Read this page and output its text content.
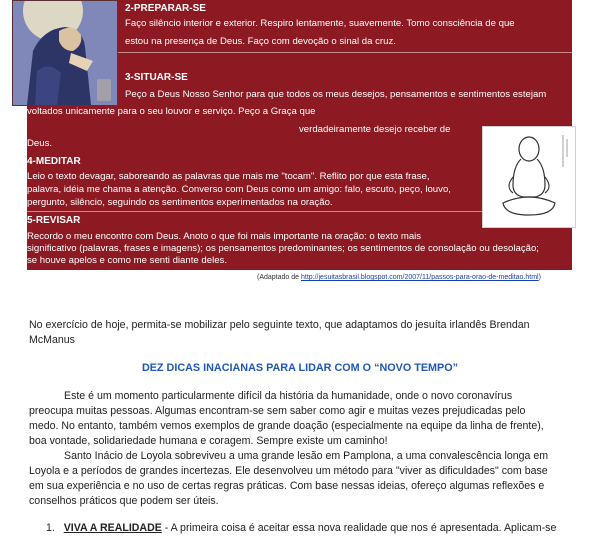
2-PREPARAR-SE
Faço silêncio interior e exterior. Respiro lentamente, suavemente. Tomo consciência de que
estou na presença de Deus. Faço com devoção o sinal da cruz.
3-SITUAR-SE
Peço a Deus Nosso Senhor para que todos os meus desejos, pensamentos e sentimentos estejam
voltados unicamente para o seu louvor e serviço. Peço a Graça que
verdadeiramente desejo receber de
Deus.
4-MEDITAR
Leio o texto devagar, saboreando as palavras que mais me "tocam". Reflito por que esta frase,
palavra, idéia me chama a atenção. Converso com Deus como um amigo: falo, escuto, peço, louvo,
pergunto, silêncio, seguindo os sentimentos experimentados na oração.
5-REVISAR
Recordo o meu encontro com Deus. Anoto o que foi mais importante na oração: o texto mais
significativo (palavras, frases e imagens); os pensamentos predominantes; os sentimentos de consolação ou desolação;
se houve apelos e como me senti diante deles.
(Adaptado de http://jesuitasbrasil.blogspot.com/2007/11/passos-para-orao-de-meditao.html)
No exercício de hoje, permita-se mobilizar pelo seguinte texto, que adaptamos do jesuíta irlandês Brendan
McManus
DEZ DICAS INACIANAS PARA LIDAR COM O “NOVO TEMPO”
Este é um momento particularmente difícil da história da humanidade, onde o novo coronavírus
preocupa muitas pessoas. Algumas encontram-se sem saber como agir e muitas vezes prejudicadas pelo
medo. No entanto, também vemos exemplos de grande doação (especialmente na equipe da linha de frente),
boa vontade, solidariedade humana e coragem. Sempre existe um caminho!
Santo Inácio de Loyola sobreviveu a uma grande lesão em Pamplona, a uma convalescência longa em
Loyola e a períodos de grandes incertezas. Ele desenvolveu um método para "viver as dificuldades" com base
em sua experiência e no uso de certas regras práticas. Com base nessas ideias, ofereço algumas reflexões e
conselhos práticos que podem ser úteis.
1. VIVA A REALIDADE - A primeira coisa é aceitar essa nova realidade que nos é apresentada. Aplicam-se
